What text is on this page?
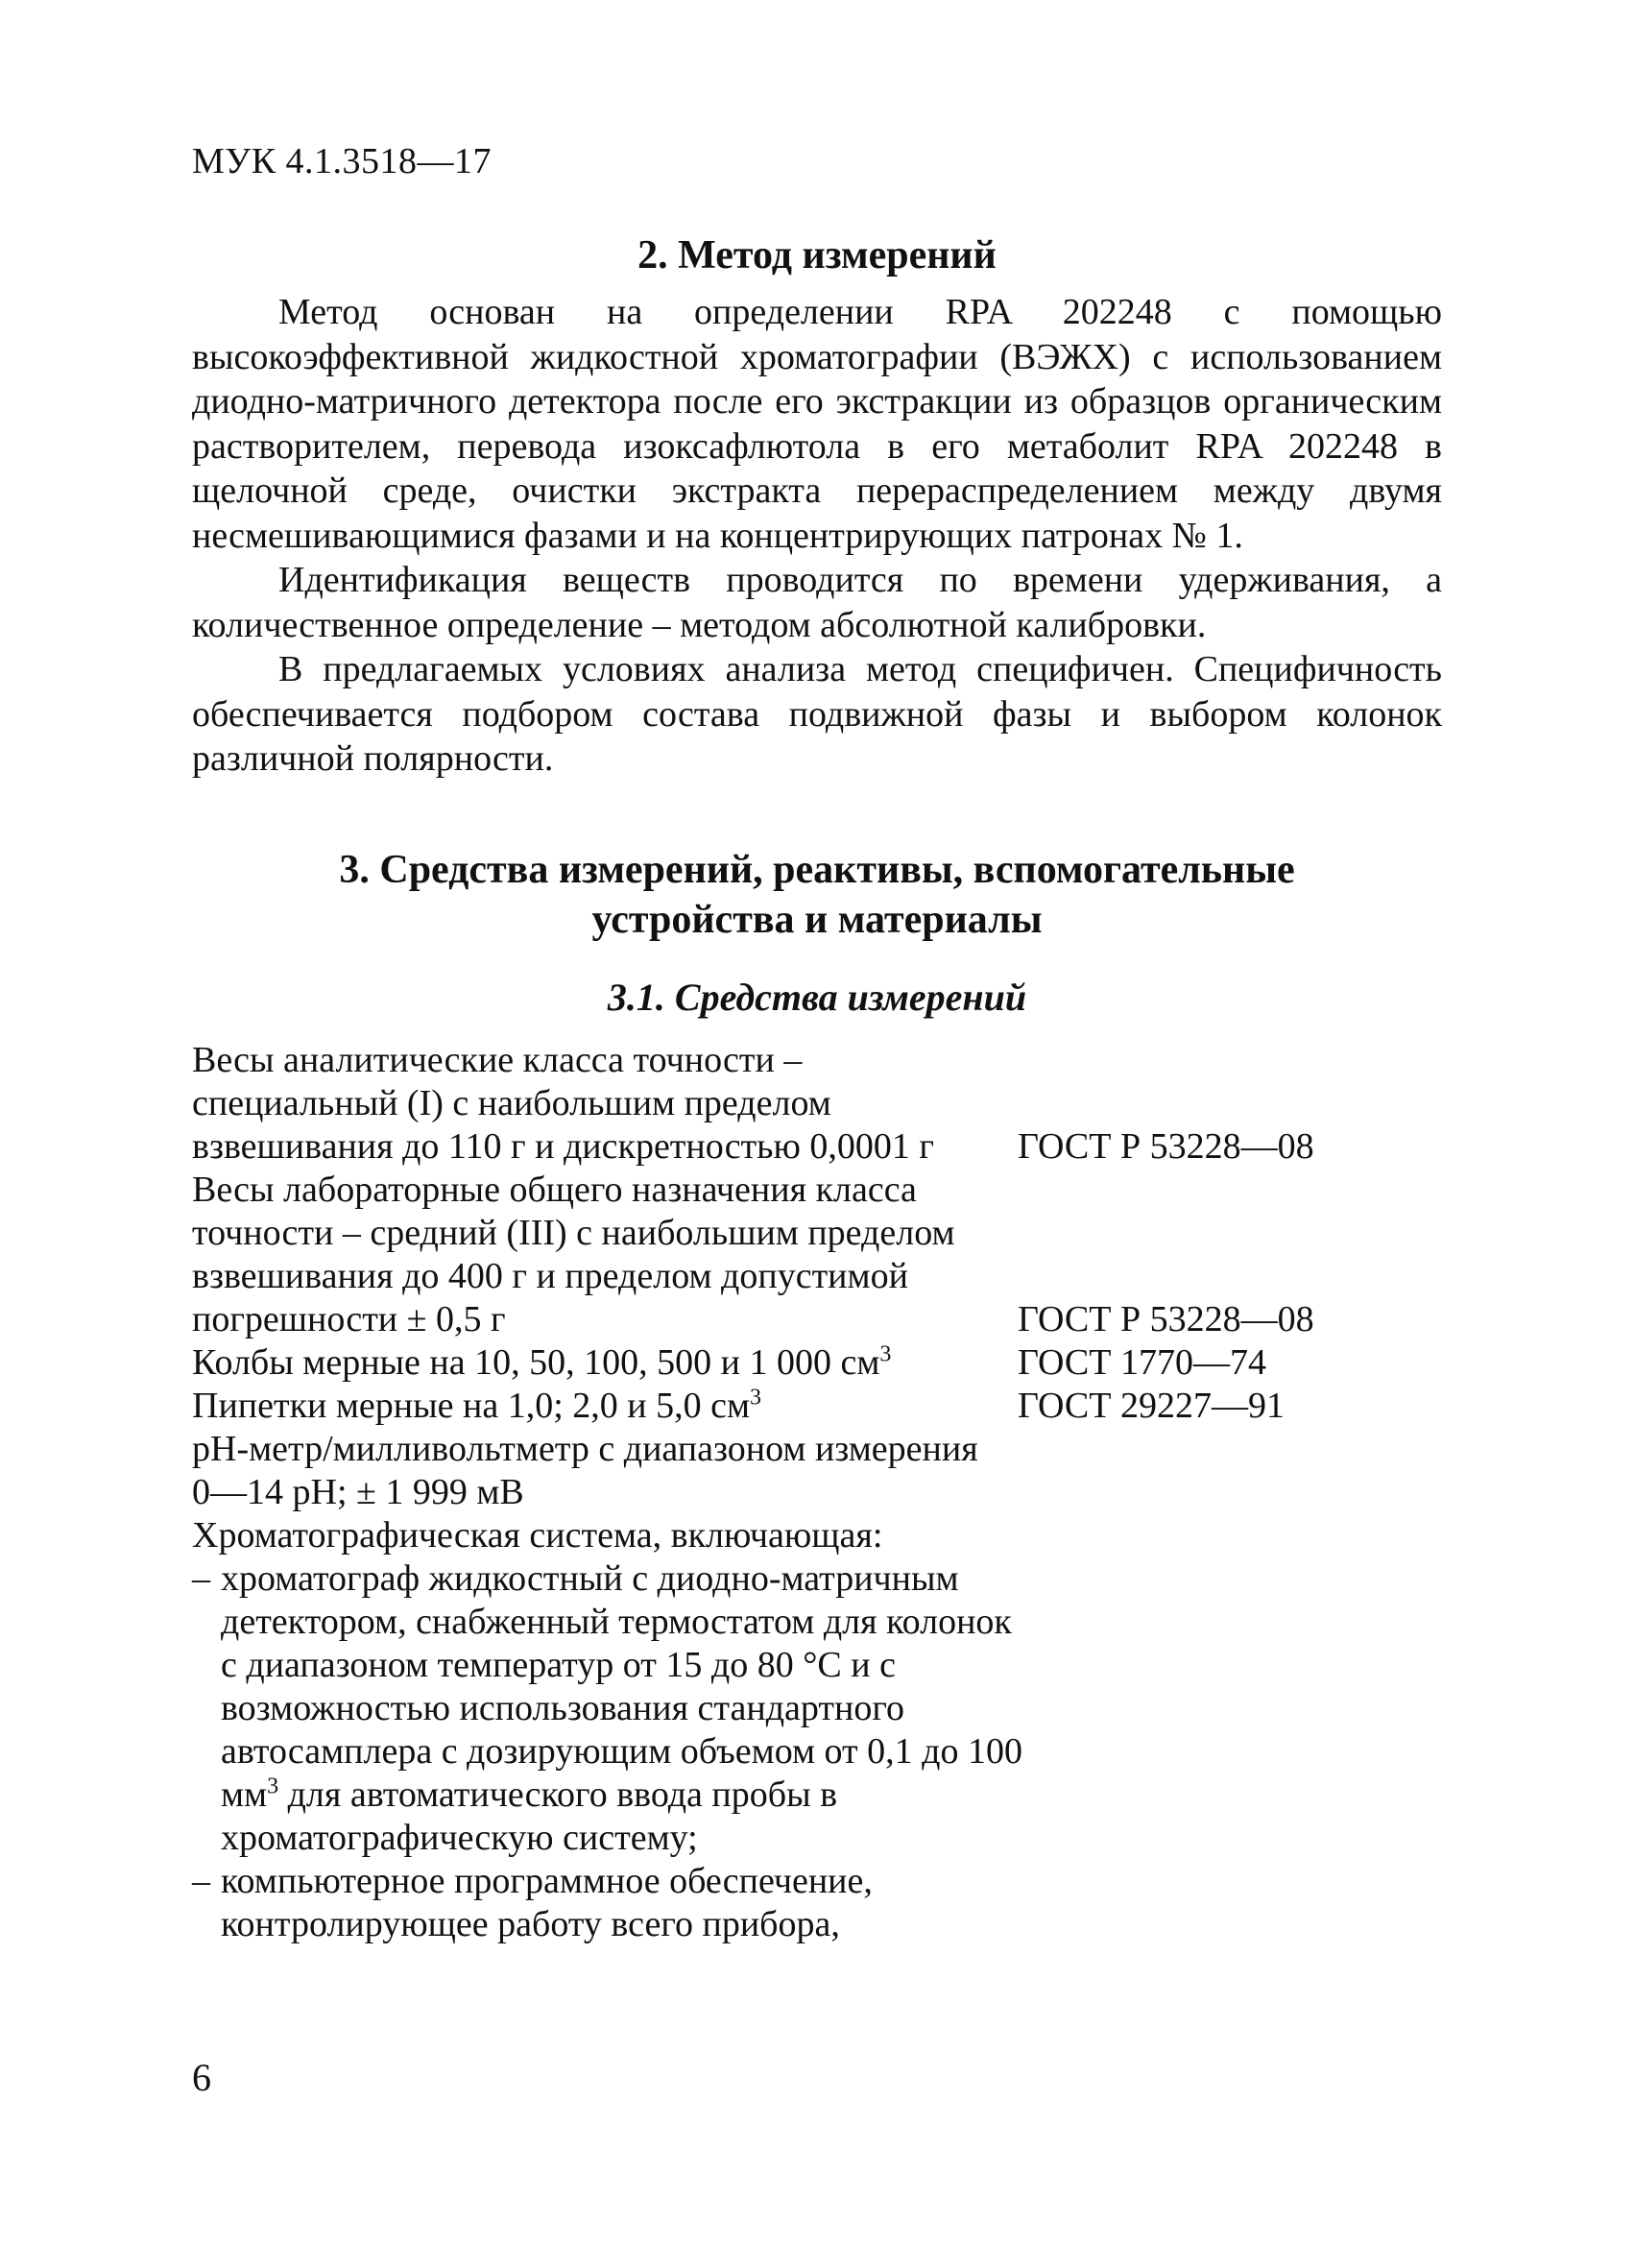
МУК 4.1.3518—17

2. Метод измерений

Метод основан на определении RPA 202248 с помощью высокоэффективной жидкостной хроматографии (ВЭЖХ) с использованием диодно-матричного детектора после его экстракции из образцов органическим растворителем, перевода изоксафлютола в его метаболит RPA 202248 в щелочной среде, очистки экстракта перераспределением между двумя несмешивающимися фазами и на концентрирующих патронах № 1.

Идентификация веществ проводится по времени удерживания, а количественное определение – методом абсолютной калибровки.

В предлагаемых условиях анализа метод специфичен. Специфичность обеспечивается подбором состава подвижной фазы и выбором колонок различной полярности.

3. Средства измерений, реактивы, вспомогательные

устройства и материалы

3.1. Средства измерений

Весы аналитические класса точности – специальный (I) с наибольшим пределом взвешивания до 110 г и дискретностью 0,0001 г	ГОСТ Р 53228—08
Весы лабораторные общего назначения класса точности – средний (III) с наибольшим пределом взвешивания до 400 г и пределом допустимой погрешности ± 0,5 г	ГОСТ Р 53228—08
Колбы мерные на 10, 50, 100, 500 и 1 000 $см^3$	ГОСТ 1770—74
Пипетки мерные на 1,0; 2,0 и 5,0 $см^3$	ГОСТ 29227—91
рН-метр/милливольтметр с диапазоном измерения 0—14 рН; ± 1 999 мВ
Хроматографическая система, включающая:
– хроматограф жидкостный с диодно-матричным детектором, снабженный термостатом для колонок с диапазоном температур от 15 до 80 °С и с возможностью использования стандартного автосамплера с дозирующим объемом от 0,1 до 100 $мм^3$ для автоматического ввода пробы в хроматографическую систему;
– компьютерное программное обеспечение, контролирующее работу всего прибора,
6
